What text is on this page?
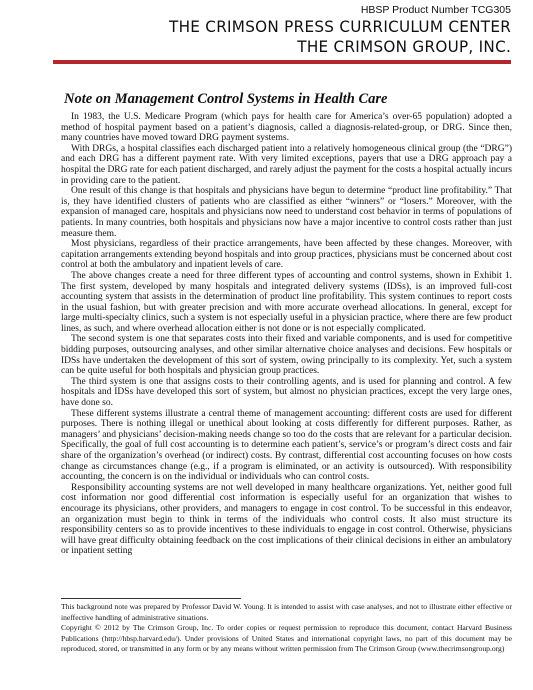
HBSP Product Number TCG305
THE CRIMSON PRESS CURRICULUM CENTER
THE CRIMSON GROUP, INC.
Note on Management Control Systems in Health Care

In 1983, the U.S. Medicare Program (which pays for health care for America’s over-65 population) adopted a method of hospital payment based on a patient’s diagnosis, called a diagnosis-related-group, or DRG. Since then, many countries have moved toward DRG payment systems.

With DRGs, a hospital classifies each discharged patient into a relatively homogeneous clinical group (the “DRG”) and each DRG has a different payment rate. With very limited exceptions, payers that use a DRG approach pay a hospital the DRG rate for each patient discharged, and rarely adjust the payment for the costs a hospital actually incurs in providing care to the patient.

One result of this change is that hospitals and physicians have begun to determine “product line profitability.” That is, they have identified clusters of patients who are classified as either “winners” or “losers.” Moreover, with the expansion of managed care, hospitals and physicians now need to understand cost behavior in terms of populations of patients. In many countries, both hospitals and physicians now have a major incentive to control costs rather than just measure them.

Most physicians, regardless of their practice arrangements, have been affected by these changes. Moreover, with capitation arrangements extending beyond hospitals and into group practices, physicians must be concerned about cost control at both the ambulatory and inpatient levels of care.

The above changes create a need for three different types of accounting and control systems, shown in Exhibit 1. The first system, developed by many hospitals and integrated delivery systems (IDSs), is an improved full-cost accounting system that assists in the determination of product line profitability. This system continues to report costs in the usual fashion, but with greater precision and with more accurate overhead allocations. In general, except for large multi-specialty clinics, such a system is not especially useful in a physician practice, where there are few product lines, as such, and where overhead allocation either is not done or is not especially complicated.

The second system is one that separates costs into their fixed and variable components, and is used for competitive bidding purposes, outsourcing analyses, and other similar alternative choice analyses and decisions. Few hospitals or IDSs have undertaken the development of this sort of system, owing principally to its complexity. Yet, such a system can be quite useful for both hospitals and physician group practices.

The third system is one that assigns costs to their controlling agents, and is used for planning and control. A few hospitals and IDSs have developed this sort of system, but almost no physician practices, except the very large ones, have done so.

These different systems illustrate a central theme of management accounting: different costs are used for different purposes. There is nothing illegal or unethical about looking at costs differently for different purposes. Rather, as managers’ and physicians’ decision-making needs change so too do the costs that are relevant for a particular decision. Specifically, the goal of full cost accounting is to determine each patient’s, service’s or program’s direct costs and fair share of the organization’s overhead (or indirect) costs. By contrast, differential cost accounting focuses on how costs change as circumstances change (e.g., if a program is eliminated, or an activity is outsourced). With responsibility accounting, the concern is on the individual or individuals who can control costs.

Responsibility accounting systems are not well developed in many healthcare organizations. Yet, neither good full cost information nor good differential cost information is especially useful for an organization that wishes to encourage its physicians, other providers, and managers to engage in cost control. To be successful in this endeavor, an organization must begin to think in terms of the individuals who control costs. It also must structure its responsibility centers so as to provide incentives to these individuals to engage in cost control. Otherwise, physicians will have great difficulty obtaining feedback on the cost implications of their clinical decisions in either an ambulatory or inpatient setting

This background note was prepared by Professor David W. Young. It is intended to assist with case analyses, and not to illustrate either effective or ineffective handling of administrative situations.

Copyright © 2012 by The Crimson Group, Inc. To order copies or request permission to reproduce this document, contact Harvard Business Publications (http://hbsp.harvard.edu/). Under provisions of United States and international copyright laws, no part of this document may be reproduced, stored, or transmitted in any form or by any means without written permission from The Crimson Group (www.thecrimsongroup.org)
